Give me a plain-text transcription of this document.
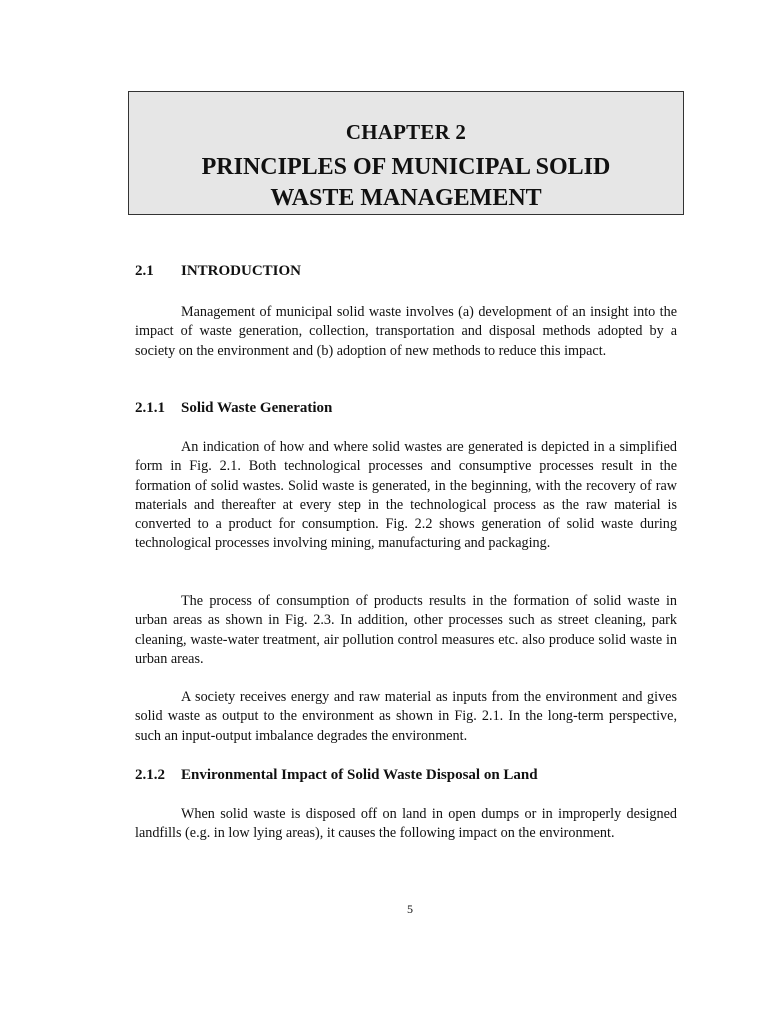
CHAPTER 2
PRINCIPLES OF MUNICIPAL SOLID
WASTE MANAGEMENT
2.1 INTRODUCTION

Management of municipal solid waste involves (a) development of an insight into the impact of waste generation, collection, transportation and disposal methods adopted by a society on the environment and (b) adoption of new methods to reduce this impact.

2.1.1 Solid Waste Generation

An indication of how and where solid wastes are generated is depicted in a simplified form in Fig. 2.1. Both technological processes and consumptive processes result in the formation of solid wastes. Solid waste is generated, in the beginning, with the recovery of raw materials and thereafter at every step in the technological process as the raw material is converted to a product for consumption. Fig. 2.2 shows generation of solid waste during technological processes involving mining, manufacturing and packaging.

The process of consumption of products results in the formation of solid waste in urban areas as shown in Fig. 2.3. In addition, other processes such as street cleaning, park cleaning, waste-water treatment, air pollution control measures etc. also produce solid waste in urban areas.

A society receives energy and raw material as inputs from the environment and gives solid waste as output to the environment as shown in Fig. 2.1. In the long-term perspective, such an input-output imbalance degrades the environment.

2.1.2 Environmental Impact of Solid Waste Disposal on Land

When solid waste is disposed off on land in open dumps or in improperly designed landfills (e.g. in low lying areas), it causes the following impact on the environment.

5
